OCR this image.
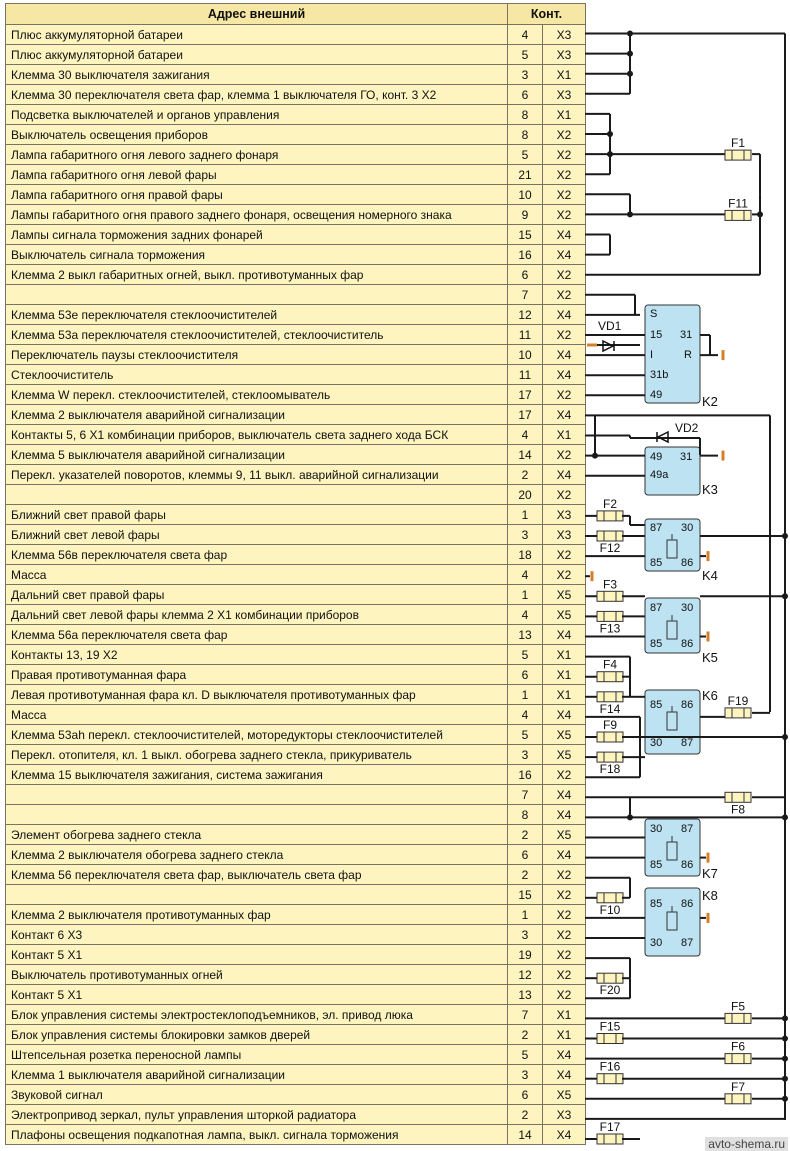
Адрес внешний	Конт.	
Плюс аккумуляторной батареи	4	X3
Плюс аккумуляторной батареи	5	X3
Клемма 30 выключателя зажигания	3	X1
Клемма 30 переключателя света фар, клемма 1 выключателя ГО, конт. 3 X2	6	X3
Подсветка выключателей и органов управления	8	X1
Выключатель освещения приборов	8	X2
Лампа габаритного огня левого заднего фонаря	5	X2
Лампа габаритного огня левой фары	21	X2
Лампа габаритного огня правой фары	10	X2
Лампы габаритного огня правого заднего фонаря, освещения номерного знака	9	X2
Лампы сигнала торможения задних фонарей	15	X4
Выключатель сигнала торможения	16	X4
Клемма 2 выкл габаритных огней, выкл. противотуманных фар	6	X2
	7	X2
Клемма 53е переключателя стеклоочистителей	12	X4
Клемма 53а переключателя стеклоочистителей, стеклоочиститель	11	X2
Переключатель паузы стеклоочистителя	10	X4
Стеклоочиститель	11	X4
Клемма W перекл. стеклоочистителей, стеклоомыватель	17	X2
Клемма 2 выключателя аварийной сигнализации	17	X4
Контакты 5, 6 X1 комбинации приборов, выключатель света заднего хода БСК	4	X1
Клемма 5 выключателя аварийной сигнализации	14	X2
Перекл. указателей поворотов, клеммы 9, 11 выкл. аварийной сигнализации	2	X4
	20	X2
Ближний свет правой фары	1	X3
Ближний свет левой фары	3	X3
Клемма 56в переключателя света фар	18	X2
Масса	4	X2
Дальний свет правой фары	1	X5
Дальний свет левой фары клемма 2 X1 комбинации приборов	4	X5
Клемма 56а переключателя света фар	13	X4
Контакты 13, 19 X2	5	X1
Правая противотуманная фара	6	X1
Левая противотуманная фара кл. D выключателя противотуманных фар	1	X1
Масса	4	X4
Клемма 53ah перекл. стеклоочистителей, моторедукторы стеклоочистителей	5	X5
Перекл. отопителя, кл. 1 выкл. обогрева заднего стекла, прикуриватель	3	X5
Клемма 15 выключателя зажигания, система зажигания	16	X2
	7	X4
	8	X4
Элемент обогрева заднего стекла	2	X5
Клемма 2 выключателя обогрева заднего стекла	6	X4
Клемма 56 переключателя света фар, выключатель света фар	2	X2
	15	X2
Клемма 2 выключателя противотуманных фар	1	X2
Контакт 6 X3	3	X2
Контакт 5 X1	19	X2
Выключатель противотуманных огней	12	X2
Контакт 5 X1	13	X2
Блок управления системы электростеклоподъемников, эл. привод люка	7	X1
Блок управления системы блокировки замков дверей	2	X1
Штепсельная розетка переносной лампы	5	X4
Клемма 1 выключателя аварийной сигнализации	3	X4
Звуковой сигнал	6	X5
Электропривод зеркал, пульт управления шторкой радиатора	2	X3
Плафоны освещения подкапотная лампа, выкл. сигнала торможения	14	X4
F1
F11
S
15 31
I	R
31b
49	K2
VD1
49 31
49a
K3
VD2
F2
F12
87 30
85 86
K4
F3
F13
87 30
85 86
K5
F4
F14	85 86
30 87
K6 F19
F9
F18
F8
30 87
85 86
K7
F10	85 86
30 87
K8
F20
F5
F15
F6
F16
F7
F17
avto-shema.ru
